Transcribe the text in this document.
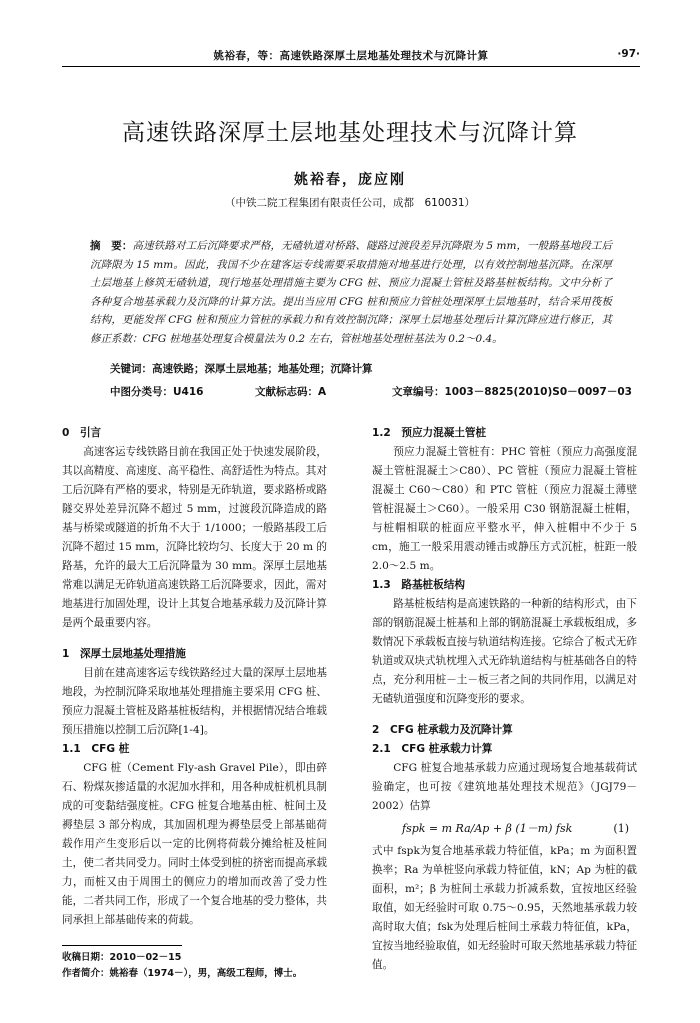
姚裕春，等：高速铁路深厚土层地基处理技术与沉降计算	·97·
高速铁路深厚土层地基处理技术与沉降计算
姚裕春，庞应刚
（中铁二院工程集团有限责任公司，成都　610031）
摘　要：高速铁路对工后沉降要求严格，无碴轨道对桥路、隧路过渡段差异沉降限为 5 mm，一般路基地段工后沉降限为 15 mm。因此，我国不少在建客运专线需要采取措施对地基进行处理，以有效控制地基沉降。在深厚土层地基上修筑无碴轨道，现行地基处理措施主要为 CFG 桩、预应力混凝土管桩及路基桩板结构。文中分析了各种复合地基承载力及沉降的计算方法。提出当应用 CFG 桩和预应力管桩处理深厚土层地基时，结合采用筏板结构，更能发挥 CFG 桩和预应力管桩的承载力和有效控制沉降；深厚土层地基处理后计算沉降应进行修正，其修正系数：CFG 桩地基处理复合模量法为 0.2 左右，管桩地基处理桩基法为 0.2～0.4。
关键词：高速铁路；深厚土层地基；地基处理；沉降计算
中图分类号：U416	文献标志码：A	文章编号：1003－8825(2010)S0－0097－03
0　引言

高速客运专线铁路目前在我国正处于快速发展阶段，其以高精度、高速度、高平稳性、高舒适性为特点。其对工后沉降有严格的要求，特别是无砟轨道，要求路桥或路隧交界处差异沉降不超过 5 mm，过渡段沉降造成的路基与桥梁或隧道的折角不大于 1/1000；一般路基段工后沉降不超过 15 mm，沉降比较均匀、长度大于 20 m 的路基，允许的最大工后沉降量为 30 mm。深厚土层地基常难以满足无砟轨道高速铁路工后沉降要求，因此，需对地基进行加固处理，设计上其复合地基承载力及沉降计算是两个最重要内容。

1　深厚土层地基处理措施

目前在建高速客运专线铁路经过大量的深厚土层地基地段，为控制沉降采取地基处理措施主要采用 CFG 桩、预应力混凝土管桩及路基桩板结构，并根据情况结合堆载预压措施以控制工后沉降[1-4]。

1.1　CFG 桩

CFG 桩（Cement Fly-ash Gravel Pile），即由碎石、粉煤灰掺适量的水泥加水拌和，用各种成桩机机具制成的可变黏结强度桩。CFG 桩复合地基由桩、桩间土及褥垫层 3 部分构成，其加固机理为褥垫层受上部基础荷载作用产生变形后以一定的比例将荷载分摊给桩及桩间土，使二者共同受力。同时土体受到桩的挤密而提高承载力，而桩又由于周围土的侧应力的增加而改善了受力性能，二者共同工作，形成了一个复合地基的受力整体，共同承担上部基础传来的荷载。

1.2　预应力混凝土管桩

预应力混凝土管桩有：PHC 管桩（预应力高强度混凝土管桩混凝土＞C80）、PC 管桩（预应力混凝土管桩混凝土 C60～C80）和 PTC 管桩（预应力混凝土薄壁管桩混凝土＞C60）。一般采用 C30 钢筋混凝土桩帽，与桩帽相联的桩面应平整水平，伸入桩帽中不少于 5 cm，施工一般采用震动锤击或静压方式沉桩，桩距一般 2.0～2.5 m。

1.3　路基桩板结构

路基桩板结构是高速铁路的一种新的结构形式，由下部的钢筋混凝土桩基和上部的钢筋混凝土承载板组成，多数情况下承载板直接与轨道结构连接。它综合了板式无砟轨道或双块式轨枕埋入式无砟轨道结构与桩基础各自的特点，充分利用桩－土－板三者之间的共同作用，以满足对无碴轨道强度和沉降变形的要求。

2　CFG 桩承载力及沉降计算
2.1　CFG 桩承载力计算

CFG 桩复合地基承载力应通过现场复合地基载荷试验确定，也可按《建筑地基处理技术规范》（JGJ79－2002）估算

fspk = m Ra/Ap + β (1－m) fsk	(1)

式中 fspk为复合地基承载力特征值，kPa；m 为面积置换率；Ra 为单桩竖向承载力特征值，kN；Ap 为桩的截面积，m²；β 为桩间土承载力折减系数，宜按地区经验取值，如无经验时可取 0.75～0.95，天然地基承载力较高时取大值；fsk为处理后桩间土承载力特征值，kPa，宜按当地经验取值，如无经验时可取天然地基承载力特征值。

收稿日期：2010－02－15
作者简介：姚裕春（1974－），男，高级工程师，博士。
